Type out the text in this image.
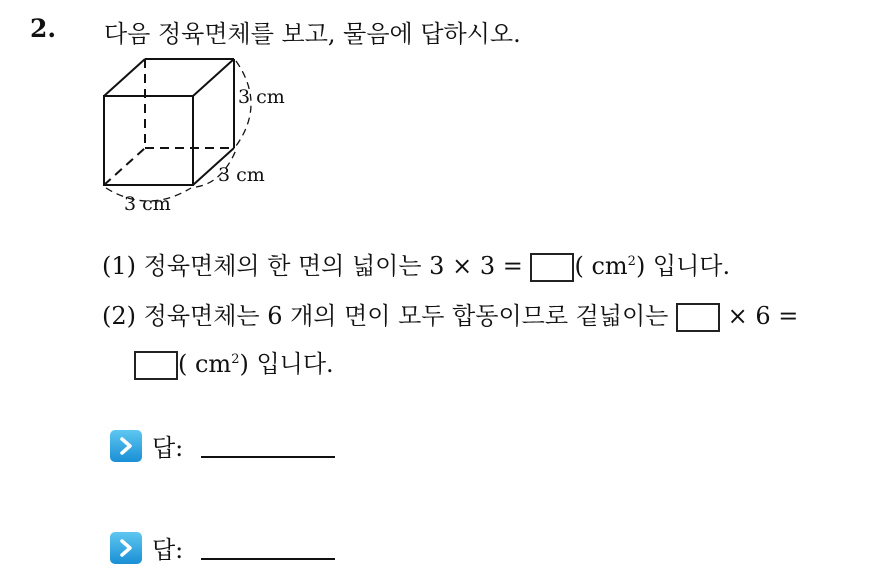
2. 다음 정육면체를 보고, 물음에 답하시오.
3 cm
3 cm
3 cm
(1) 정육면체의 한 면의 넓이는 3 × 3 = ( $cm^2$) 입니다.
(2) 정육면체는 6 개의 면이 모두 합동이므로 겉넓이는  × 6 =
( $cm^2$) 입니다.
답:
답:
